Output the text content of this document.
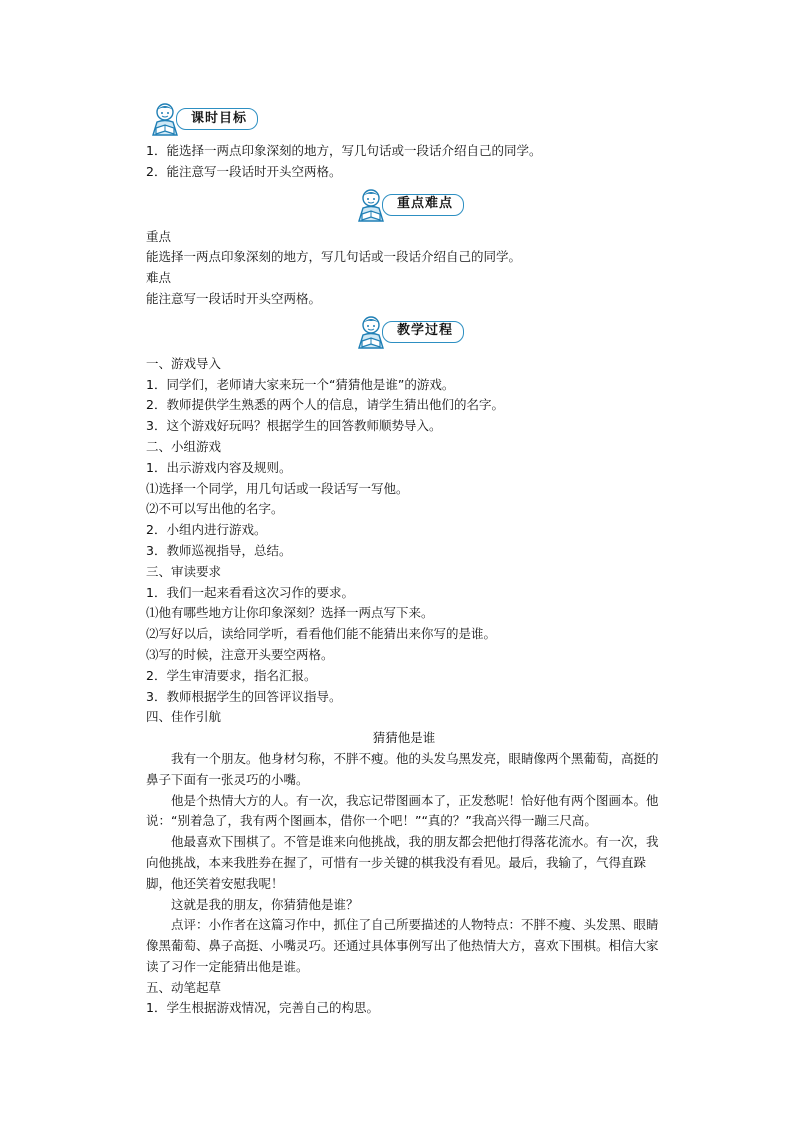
课时目标
1．能选择一两点印象深刻的地方，写几句话或一段话介绍自己的同学。
2．能注意写一段话时开头空两格。
重点难点
重点
能选择一两点印象深刻的地方，写几句话或一段话介绍自己的同学。
难点
能注意写一段话时开头空两格。
教学过程
一、游戏导入
1．同学们，老师请大家来玩一个“猜猜他是谁”的游戏。
2．教师提供学生熟悉的两个人的信息，请学生猜出他们的名字。
3．这个游戏好玩吗？根据学生的回答教师顺势导入。
二、小组游戏
1．出示游戏内容及规则。
⑴选择一个同学，用几句话或一段话写一写他。
⑵不可以写出他的名字。
2．小组内进行游戏。
3．教师巡视指导，总结。
三、审读要求
1．我们一起来看看这次习作的要求。
⑴他有哪些地方让你印象深刻？选择一两点写下来。
⑵写好以后，读给同学听，看看他们能不能猜出来你写的是谁。
⑶写的时候，注意开头要空两格。
2．学生审清要求，指名汇报。
3．教师根据学生的回答评议指导。
四、佳作引航
猜猜他是谁
我有一个朋友。他身材匀称，不胖不瘦。他的头发乌黑发亮，眼睛像两个黑葡萄，高挺的鼻子下面有一张灵巧的小嘴。
他是个热情大方的人。有一次，我忘记带图画本了，正发愁呢！恰好他有两个图画本。他说：“别着急了，我有两个图画本，借你一个吧！”“真的？”我高兴得一蹦三尺高。
他最喜欢下围棋了。不管是谁来向他挑战，我的朋友都会把他打得落花流水。有一次，我向他挑战，本来我胜券在握了，可惜有一步关键的棋我没有看见。最后，我输了，气得直跺脚，他还笑着安慰我呢！
这就是我的朋友，你猜猜他是谁？
点评：小作者在这篇习作中，抓住了自己所要描述的人物特点：不胖不瘦、头发黑、眼睛像黑葡萄、鼻子高挺、小嘴灵巧。还通过具体事例写出了他热情大方，喜欢下围棋。相信大家读了习作一定能猜出他是谁。
五、动笔起草
1．学生根据游戏情况，完善自己的构思。
